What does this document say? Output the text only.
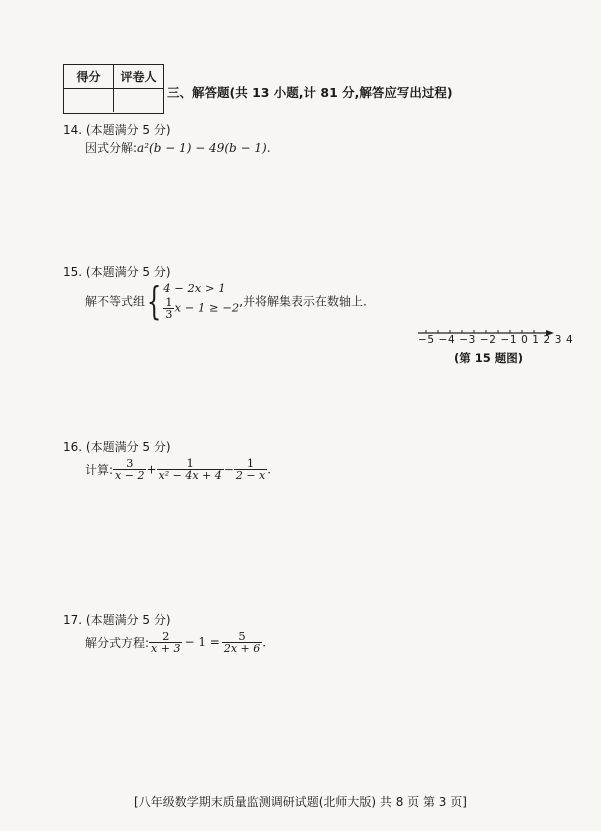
得分	评卷人
三、解答题(共 13 小题,计 81 分,解答应写出过程)
14. (本题满分 5 分)
因式分解:a²(b − 1) − 49(b − 1).
15. (本题满分 5 分)
解不等式组{ 4 − 2x > 1
$\frac{1}{3}$ x − 1 ≥ −2 ,并将解集表示在数轴上.
−5 −4 −3 −2 −1 0 1 2 3 4
(第 15 题图)
16. (本题满分 5 分)
计算: $\frac{3}{x - 2} + \frac{1}{\text{x² − 4x + 4}} - \frac{1}{2 - x}$ .
17. (本题满分 5 分)
解分式方程: $\frac{2}{x + 3} - 1 = \frac{5}{2x + 6}$ .
[八年级数学期末质量监测调研试题(北师大版) 共 8 页 第 3 页]
